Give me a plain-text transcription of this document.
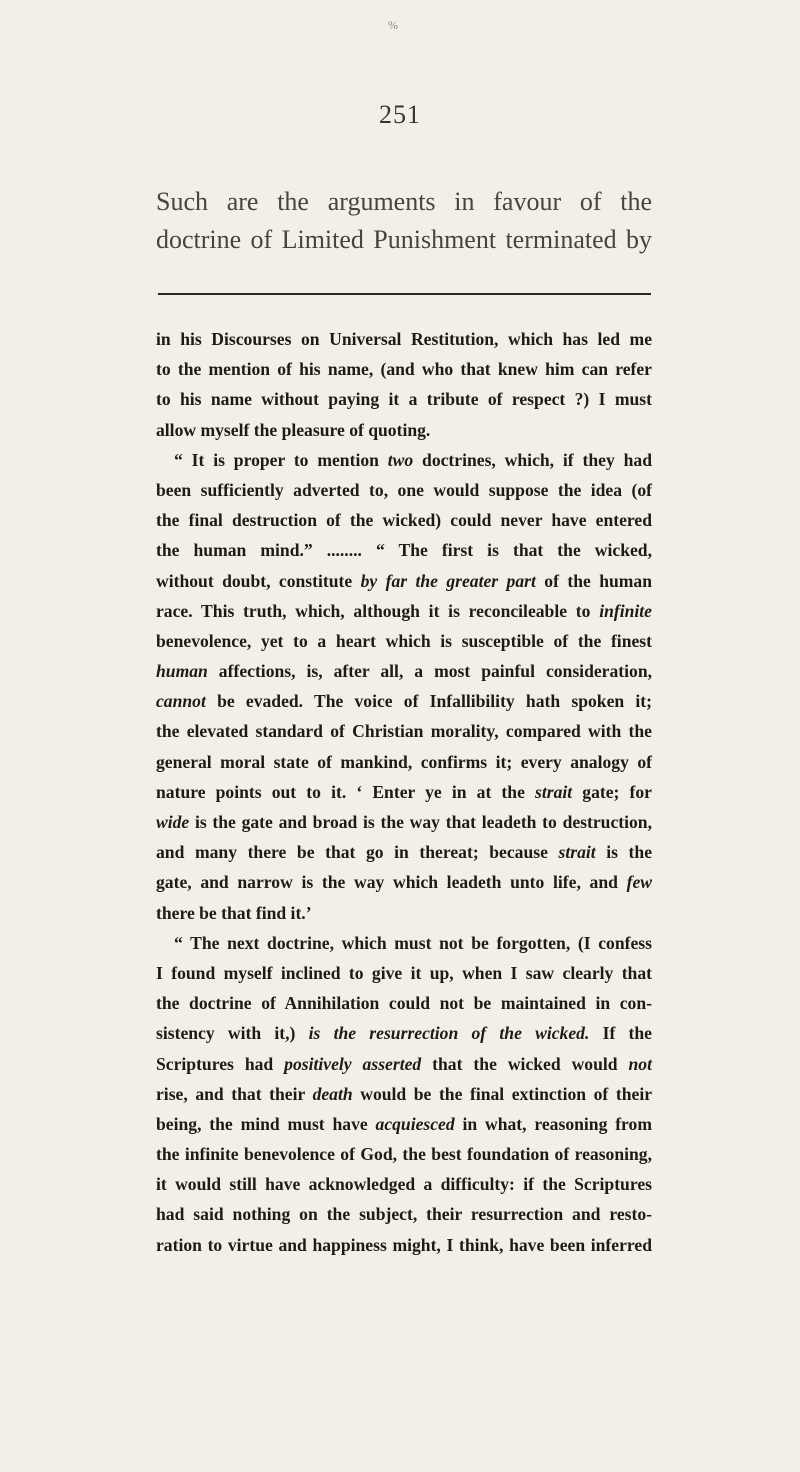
%
251
Such are the arguments in favour of the
doctrine of Limited Punishment terminated by
in his Discourses on Universal Restitution, which has led me
to the mention of his name, (and who that knew him can refer
to his name without paying it a tribute of respect ?) I must
allow myself the pleasure of quoting.
“ It is proper to mention two doctrines, which, if they had
been sufficiently adverted to, one would suppose the idea (of
the final destruction of the wicked) could never have entered
the human mind.” ........ “ The first is that the wicked,
without doubt, constitute by far the greater part of the human
race. This truth, which, although it is reconcileable to infinite
benevolence, yet to a heart which is susceptible of the finest
human affections, is, after all, a most painful consideration,
cannot be evaded. The voice of Infallibility hath spoken it;
the elevated standard of Christian morality, compared with the
general moral state of mankind, confirms it; every analogy of
nature points out to it. ‘ Enter ye in at the strait gate; for
wide is the gate and broad is the way that leadeth to destruction,
and many there be that go in thereat; because strait is the
gate, and narrow is the way which leadeth unto life, and few
there be that find it.’
“ The next doctrine, which must not be forgotten, (I confess
I found myself inclined to give it up, when I saw clearly that
the doctrine of Annihilation could not be maintained in con-
sistency with it,) is the resurrection of the wicked. If the
Scriptures had positively asserted that the wicked would not
rise, and that their death would be the final extinction of their
being, the mind must have acquiesced in what, reasoning from
the infinite benevolence of God, the best foundation of reasoning,
it would still have acknowledged a difficulty: if the Scriptures
had said nothing on the subject, their resurrection and resto-
ration to virtue and happiness might, I think, have been inferred
